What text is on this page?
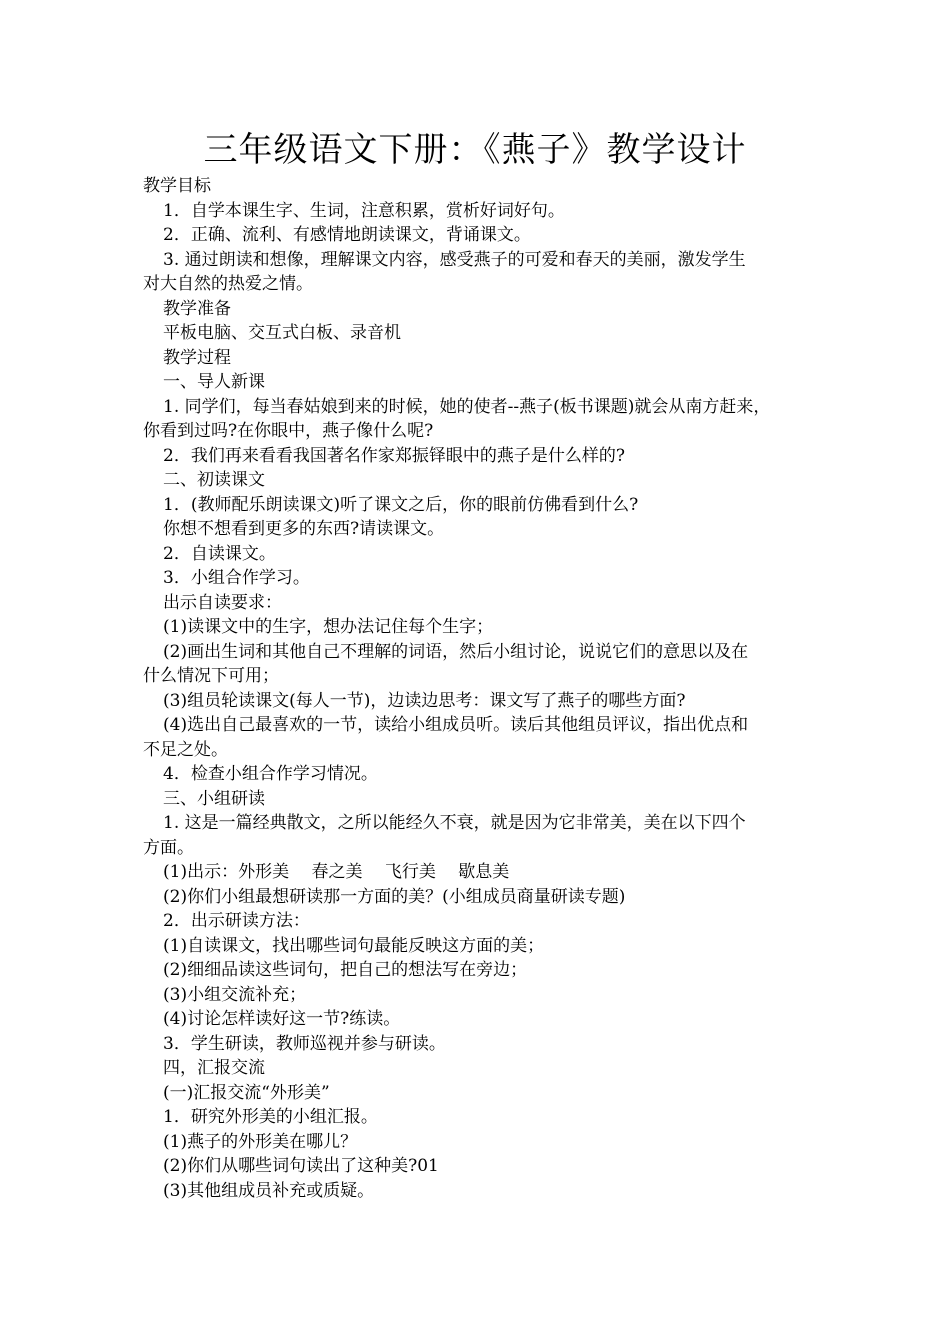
三年级语文下册：《燕子》教学设计
教学目标
1．自学本课生字、生词，注意积累，赏析好词好句。
2．正确、流利、有感情地朗读课文，背诵课文。
3. 通过朗读和想像，理解课文内容，感受燕子的可爱和春天的美丽，激发学生
对大自然的热爱之情。
教学准备
平板电脑、交互式白板、录音机
教学过程
一、导人新课
1. 同学们，每当春姑娘到来的时候，她的使者--燕子(板书课题)就会从南方赶来，
你看到过吗?在你眼中，燕子像什么呢?
2．我们再来看看我国著名作家郑振铎眼中的燕子是什么样的?
二、初读课文
1．(教师配乐朗读课文)听了课文之后，你的眼前仿佛看到什么?
你想不想看到更多的东西?请读课文。
2．自读课文。
3．小组合作学习。
出示自读要求：
(1)读课文中的生字，想办法记住每个生字；
(2)画出生词和其他自己不理解的词语，然后小组讨论，说说它们的意思以及在
什么情况下可用；
(3)组员轮读课文(每人一节)，边读边思考：课文写了燕子的哪些方面?
(4)选出自己最喜欢的一节，读给小组成员听。读后其他组员评议，指出优点和
不足之处。
4．检查小组合作学习情况。
三、小组研读
1. 这是一篇经典散文，之所以能经久不衰，就是因为它非常美，美在以下四个
方面。
(1)出示：外形美　 春之美　 飞行美　 歇息美
(2)你们小组最想研读那一方面的美？(小组成员商量研读专题)
2．出示研读方法：
(1)自读课文，找出哪些词句最能反映这方面的美；
(2)细细品读这些词句，把自己的想法写在旁边；
(3)小组交流补充；
(4)讨论怎样读好这一节?练读。
3．学生研读，教师巡视并参与研读。
四，汇报交流
(一)汇报交流“外形美”
1．研究外形美的小组汇报。
(1)燕子的外形美在哪儿？
(2)你们从哪些词句读出了这种美?01
(3)其他组成员补充或质疑。
